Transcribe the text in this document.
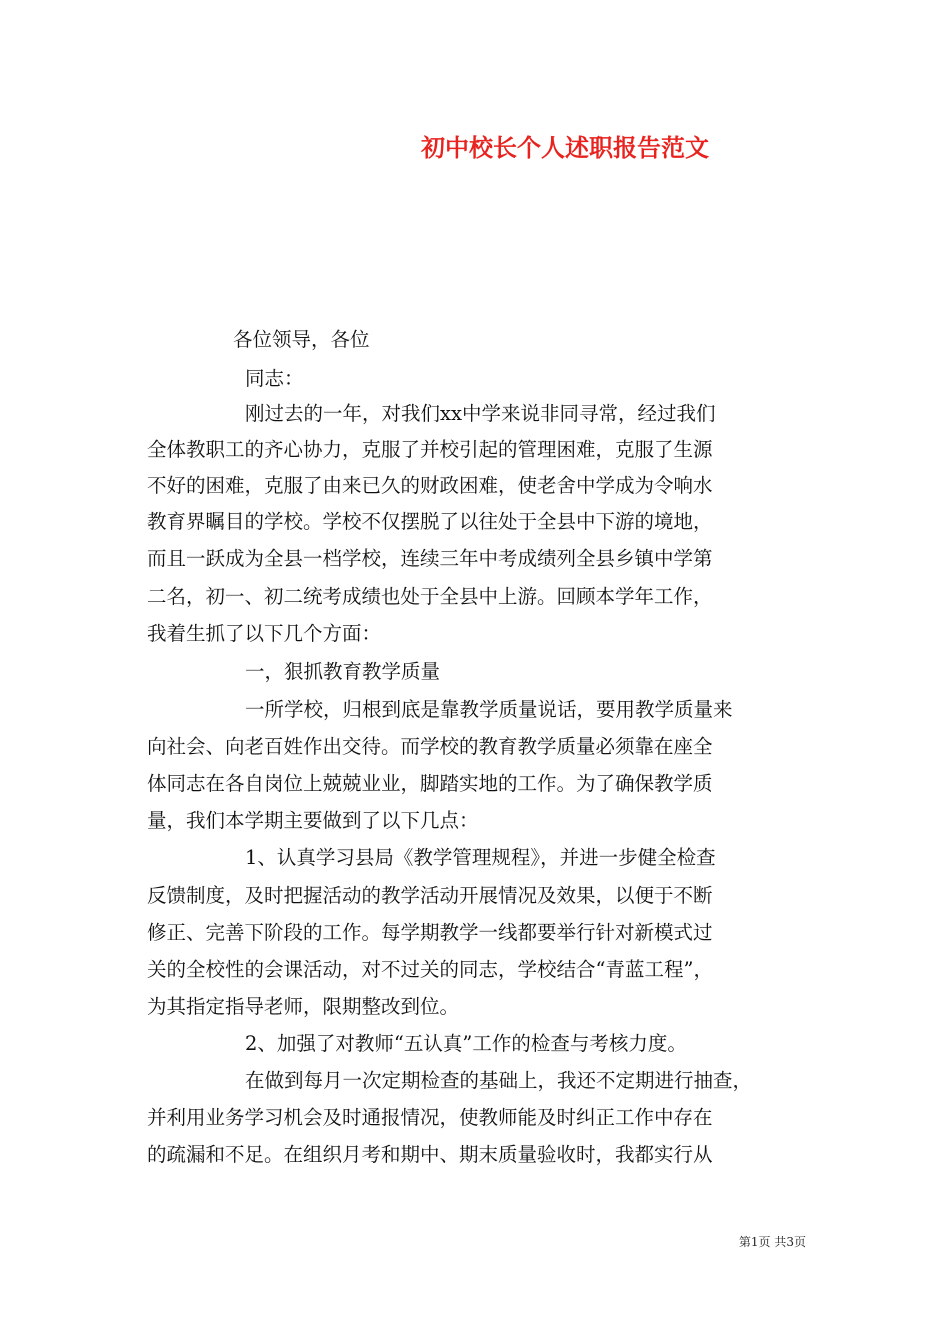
初中校长个人述职报告范文
各位领导，各位
同志：
刚过去的一年，对我们xx中学来说非同寻常，经过我们
全体教职工的齐心协力，克服了并校引起的管理困难，克服了生源
不好的困难，克服了由来已久的财政困难，使老舍中学成为令响水
教育界瞩目的学校。学校不仅摆脱了以往处于全县中下游的境地，
而且一跃成为全县一档学校，连续三年中考成绩列全县乡镇中学第
二名，初一、初二统考成绩也处于全县中上游。回顾本学年工作，
我着生抓了以下几个方面：
一，狠抓教育教学质量
一所学校，归根到底是靠教学质量说话，要用教学质量来
向社会、向老百姓作出交待。而学校的教育教学质量必须靠在座全
体同志在各自岗位上兢兢业业，脚踏实地的工作。为了确保教学质
量，我们本学期主要做到了以下几点：
1、认真学习县局《教学管理规程》，并进一步健全检查
反馈制度，及时把握活动的教学活动开展情况及效果，以便于不断
修正、完善下阶段的工作。每学期教学一线都要举行针对新模式过
关的全校性的会课活动，对不过关的同志，学校结合“青蓝工程”，
为其指定指导老师，限期整改到位。
2、加强了对教师“五认真”工作的检查与考核力度。
在做到每月一次定期检查的基础上，我还不定期进行抽查，
并利用业务学习机会及时通报情况，使教师能及时纠正工作中存在
的疏漏和不足。在组织月考和期中、期末质量验收时，我都实行从
第1页 共3页
